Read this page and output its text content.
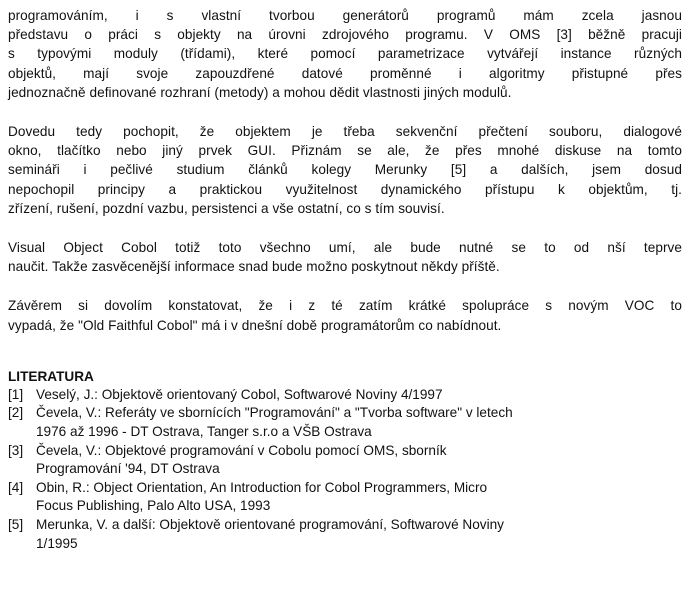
programováním, i s vlastní tvorbou generátorů programů mám zcela jasnou
představu o práci s objekty na úrovni zdrojového programu. V OMS [3] běžně pracuji
s typovými moduly (třídami), které pomocí parametrizace vytvářejí instance různých
objektů, mají svoje zapouzdřené datové proměnné i algoritmy přistupné přes
jednoznačně definované rozhraní (metody) a mohou dědit vlastnosti jiných modulů.

Dovedu tedy pochopit, že objektem je třeba sekvenční přečtení souboru, dialogové
okno, tlačítko nebo jiný prvek GUI. Přiznám se ale, že přes mnohé diskuse na tomto
semináři i pečlivé studium článků kolegy Merunky [5] a dalších, jsem dosud
nepochopil principy a praktickou využitelnost dynamického přístupu k objektům, tj.
zřízení, rušení, pozdní vazbu, persistenci a vše ostatní, co s tím souvisí.

Visual Object Cobol totiž toto všechno umí, ale bude nutné se to od nší teprve
naučit. Takže zasvěcenější informace snad bude možno poskytnout někdy příště.

Závěrem si dovolím konstatovat, že i z té zatím krátké spolupráce s novým VOC to
vypadá, že "Old Faithful Cobol" má i v dnešní době programátorům co nabídnout.

LITERATURA
[1] Veselý, J.: Objektově orientovaný Cobol, Softwarové Noviny 4/1997
[2] Čevela, V.: Referáty ve sbornících "Programování" a "Tvorba software" v letech
1976 až 1996 - DT Ostrava, Tanger s.r.o a VŠB Ostrava
[3] Čevela, V.: Objektové programování v Cobolu pomocí OMS, sborník
Programování '94, DT Ostrava
[4] Obin, R.: Object Orientation, An Introduction for Cobol Programmers, Micro
Focus Publishing, Palo Alto USA, 1993
[5] Merunka, V. a další: Objektově orientované programování, Softwarové Noviny
1/1995
